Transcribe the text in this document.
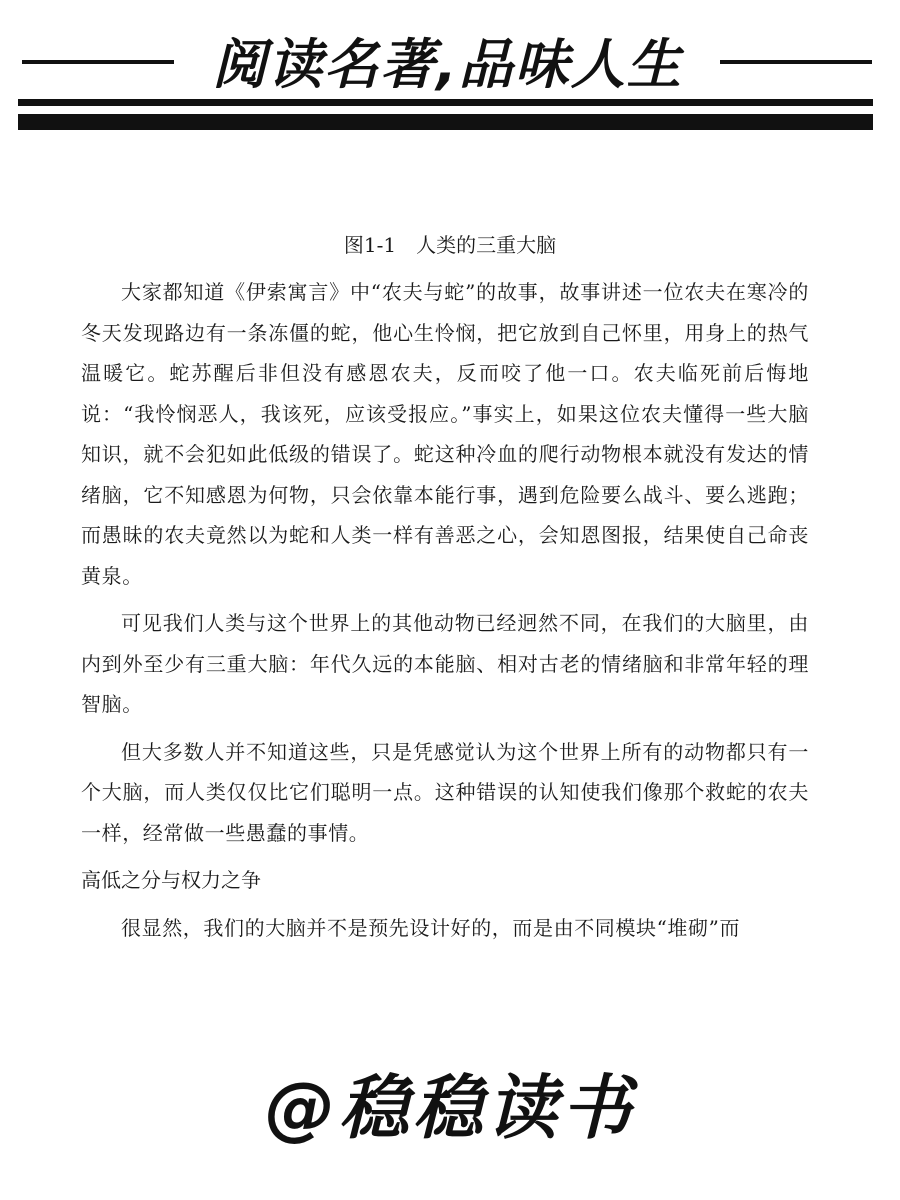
阅读名著,品味人生

图1-1　人类的三重大脑

大家都知道《伊索寓言》中“农夫与蛇”的故事，故事讲述一位农夫在寒冷的冬天发现路边有一条冻僵的蛇，他心生怜悯，把它放到自己怀里，用身上的热气温暖它。蛇苏醒后非但没有感恩农夫，反而咬了他一口。农夫临死前后悔地说：“我怜悯恶人，我该死，应该受报应。”事实上，如果这位农夫懂得一些大脑知识，就不会犯如此低级的错误了。蛇这种冷血的爬行动物根本就没有发达的情绪脑，它不知感恩为何物，只会依靠本能行事，遇到危险要么战斗、要么逃跑；而愚昧的农夫竟然以为蛇和人类一样有善恶之心，会知恩图报，结果使自己命丧黄泉。

可见我们人类与这个世界上的其他动物已经迥然不同，在我们的大脑里，由内到外至少有三重大脑：年代久远的本能脑、相对古老的情绪脑和非常年轻的理智脑。

但大多数人并不知道这些，只是凭感觉认为这个世界上所有的动物都只有一个大脑，而人类仅仅比它们聪明一点。这种错误的认知使我们像那个救蛇的农夫一样，经常做一些愚蠢的事情。

高低之分与权力之争

很显然，我们的大脑并不是预先设计好的，而是由不同模块“堆砌”而

@稳稳读书
